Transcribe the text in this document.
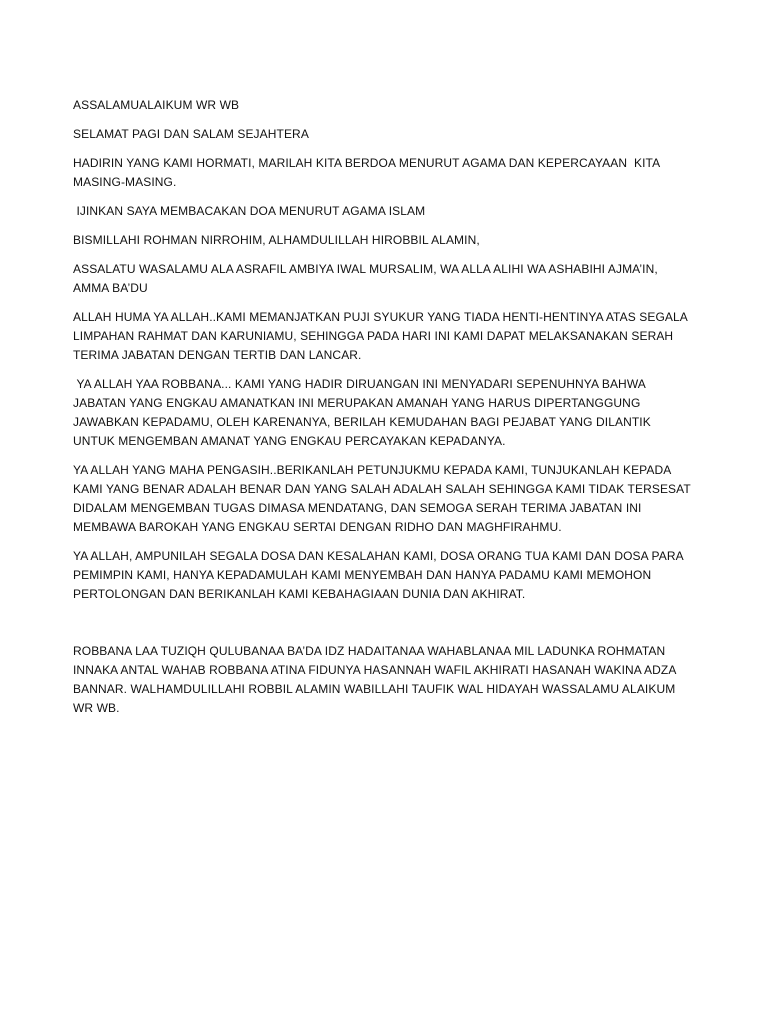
ASSALAMUALAIKUM WR WB

SELAMAT PAGI DAN SALAM SEJAHTERA

HADIRIN YANG KAMI HORMATI, MARILAH KITA BERDOA MENURUT AGAMA DAN KEPERCAYAAN  KITA MASING-MASING.

IJINKAN SAYA MEMBACAKAN DOA MENURUT AGAMA ISLAM

BISMILLAHI ROHMAN NIRROHIM, ALHAMDULILLAH HIROBBIL ALAMIN,

ASSALATU WASALAMU ALA ASRAFIL AMBIYA IWAL MURSALIM, WA ALLA ALIHI WA ASHABIHI AJMA’IN, AMMA BA’DU

ALLAH HUMA YA ALLAH..KAMI MEMANJATKAN PUJI SYUKUR YANG TIADA HENTI-HENTINYA ATAS SEGALA LIMPAHAN RAHMAT DAN KARUNIAMU, SEHINGGA PADA HARI INI KAMI DAPAT MELAKSANAKAN SERAH TERIMA JABATAN DENGAN TERTIB DAN LANCAR.

YA ALLAH YAA ROBBANA... KAMI YANG HADIR DIRUANGAN INI MENYADARI SEPENUHNYA BAHWA JABATAN YANG ENGKAU AMANATKAN INI MERUPAKAN AMANAH YANG HARUS DIPERTANGGUNG JAWABKAN KEPADAMU, OLEH KARENANYA, BERILAH KEMUDAHAN BAGI PEJABAT YANG DILANTIK UNTUK MENGEMBAN AMANAT YANG ENGKAU PERCAYAKAN KEPADANYA.

YA ALLAH YANG MAHA PENGASIH..BERIKANLAH PETUNJUKMU KEPADA KAMI, TUNJUKANLAH KEPADA KAMI YANG BENAR ADALAH BENAR DAN YANG SALAH ADALAH SALAH SEHINGGA KAMI TIDAK TERSESAT DIDALAM MENGEMBAN TUGAS DIMASA MENDATANG, DAN SEMOGA SERAH TERIMA JABATAN INI MEMBAWA BAROKAH YANG ENGKAU SERTAI DENGAN RIDHO DAN MAGHFIRAHMU.

YA ALLAH, AMPUNILAH SEGALA DOSA DAN KESALAHAN KAMI, DOSA ORANG TUA KAMI DAN DOSA PARA PEMIMPIN KAMI, HANYA KEPADAMULAH KAMI MENYEMBAH DAN HANYA PADAMU KAMI MEMOHON PERTOLONGAN DAN BERIKANLAH KAMI KEBAHAGIAAN DUNIA DAN AKHIRAT.

ROBBANA LAA TUZIQH QULUBANAA BA’DA IDZ HADAITANAA WAHABLANAA MIL LADUNKA ROHMATAN INNAKA ANTAL WAHAB ROBBANA ATINA FIDUNYA HASANNAH WAFIL AKHIRATI HASANAH WAKINA ADZA BANNAR. WALHAMDULILLAHI ROBBIL ALAMIN WABILLAHI TAUFIK WAL HIDAYAH WASSALAMU ALAIKUM WR WB.
